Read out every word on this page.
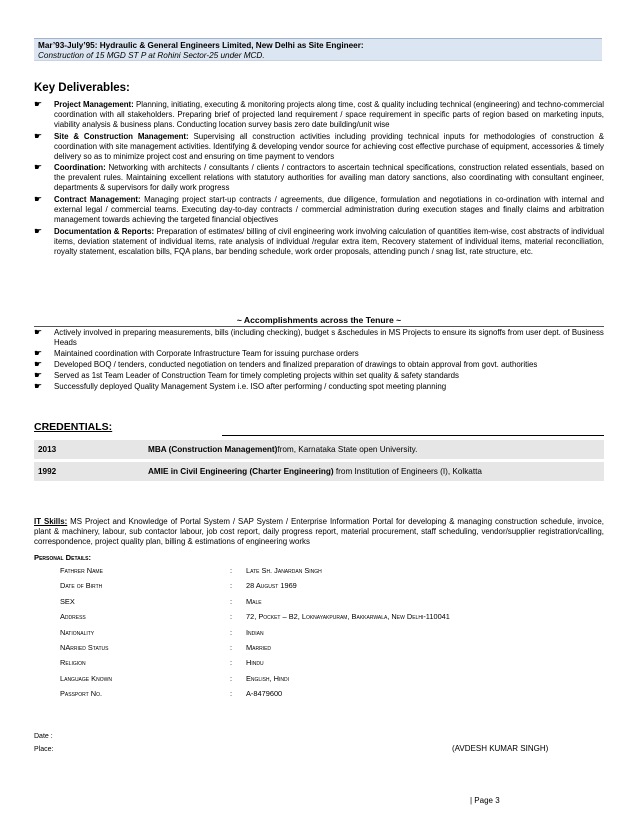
Mar’93-July’95: Hydraulic & General Engineers Limited, New Delhi as Site Engineer:
Construction of 15 MGD ST P at Rohini Sector-25 under MCD.
Key Deliverables:
☛	Project Management: Planning, initiating, executing & monitoring projects along time, cost & quality including technical (engineering) and techno-commercial coordination with all stakeholders. Preparing brief of projected land requirement / space requirement in specific parts of region based on marketing inputs, viability analysis & business plans. Conducting location survey basis zero date building/unit wise
☛	Site & Construction Management: Supervising all construction activities including providing technical inputs for methodologies of construction & coordination with site management activities. Identifying & developing vendor source for achieving cost effective purchase of equipment, accessories & timely delivery so as to minimize project cost and ensuring on time payment to vendors
☛	Coordination: Networking with architects / consultants / clients / contractors to ascertain technical specifications, construction related essentials, based on the prevalent rules. Maintaining excellent relations with statutory authorities for availing man datory sanctions, also coordinating with consultant engineer, departments & supervisors for daily work progress
☛	Contract Management: Managing project start-up contracts / agreements, due diligence, formulation and negotiations in co-ordination with internal and external legal / commercial teams. Executing day-to-day contracts / commercial administration during execution stages and finally claims and arbitration management towards achieving the targeted financial objectives
☛	Documentation & Reports: Preparation of estimates/ billing of civil engineering work involving calculation of quantities item-wise, cost abstracts of individual items, deviation statement of individual items, rate analysis of individual /regular extra item, Recovery statement of individual items, material reconciliation, royalty statement, escalation bills, FQA plans, bar bending schedule, work order proposals, attending punch / snag list, rate structure, etc.
~ Accomplishments across the Tenure ~
☛	Actively involved in preparing measurements, bills (including checking), budget s &schedules in MS Projects to ensure its signoffs from user dept. of Business Heads
☛	Maintained coordination with Corporate Infrastructure Team for issuing purchase orders
☛	Developed BOQ / tenders, conducted negotiation on tenders and finalized preparation of drawings to obtain approval from govt. authorities
☛	Served as 1st Team Leader of Construction Team for timely completing projects within set quality & safety standards
☛	Successfully deployed Quality Management System i.e. ISO after performing / conducting spot meeting planning
CREDENTIALS:
2013	MBA (Construction Management)from, Karnataka State open University.
1992	AMIE in Civil Engineering (Charter Engineering) from Institution of Engineers (I), Kolkatta
IT Skills: MS Project and Knowledge of Portal System / SAP System / Enterprise Information Portal for developing & managing construction schedule, invoice, plant & machinery, labour, sub contactor labour, job cost report, daily progress report, material procurement, staff scheduling, vendor/supplier registration/calling, correspondence, project quality plan, billing & estimations of engineering works
Personal Details:
Fathrer Name	:	Late Sh. Janardan Singh
Date of Birth	:	28 August 1969
SEX	:	Male
Address	:	72, Pocket – B2, Loknayakpuram, Bakkarwala, New Delhi-110041
Nationality	:	Indian
NArried Status	:	Married
Religion	:	Hindu
Language Known	:	English, Hindi
Passport No.	:	A-8479600
Date :
Place:	(AVDESH KUMAR SINGH)
| Page 3
